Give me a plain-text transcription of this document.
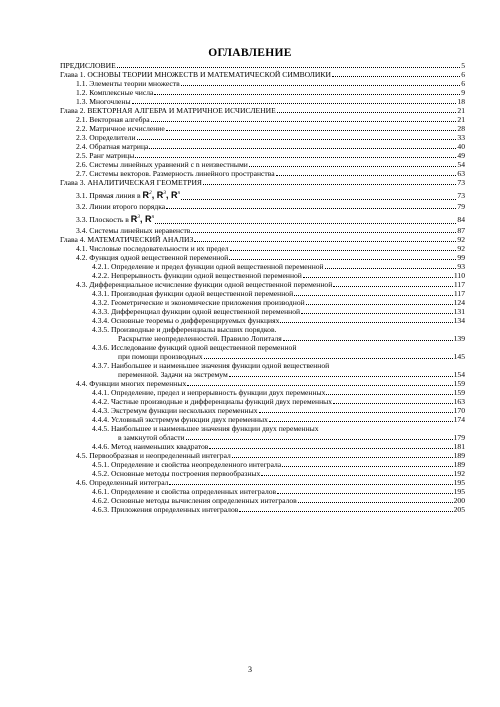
ОГЛАВЛЕНИЕ
ПРЕДИСЛОВИЕ	5
Глава 1. ОСНОВЫ ТЕОРИИ МНОЖЕСТВ И МАТЕМАТИЧЕСКОЙ СИМВОЛИКИ	6
1.1. Элементы теории множеств	6
1.2. Комплексные числа	9
1.3. Многочлены	18
Глава 2. ВЕКТОРНАЯ АЛГЕБРА И МАТРИЧНОЕ ИСЧИСЛЕНИЕ	21
2.1. Векторная алгебра	21
2.2. Матричное исчисление	28
2.3. Определители	33
2.4. Обратная матрица	40
2.5. Ранг матрицы	49
2.6. Системы линейных уравнений с n неизвестными	54
2.7. Системы векторов. Размерность линейного пространства	63
Глава 3. АНАЛИТИЧЕСКАЯ ГЕОМЕТРИЯ	73
3.1. Прямая линия в $R^2$, $R^3$, $R^n$	73
3.2. Линии второго порядка	79
3.3. Плоскость в $R^3$, $R^n$	84
3.4. Системы линейных неравенств	87
Глава 4. МАТЕМАТИЧЕСКИЙ АНАЛИЗ	92
4.1. Числовые последовательности и их предел	92
4.2. Функция одной вещественной переменной	99
4.2.1. Определение и предел функции одной вещественной переменной	93
4.2.2. Непрерывность функции одной вещественной переменной	110
4.3. Дифференциальное исчисление функции одной вещественной переменной	117
4.3.1. Производная функции одной вещественной переменной	117
4.3.2. Геометрические и экономические приложения производной	124
4.3.3. Дифференциал функции одной вещественной переменной	131
4.3.4. Основные теоремы о дифференцируемых функциях	134
4.3.5. Производные и дифференциалы высших порядков.
Раскрытие неопределенностей. Правило Лопиталя	139
4.3.6. Исследование функций одной вещественной переменной
при помощи производных	145
4.3.7. Наибольшее и наименьшее значения функции одной вещественной
переменной. Задачи на экстремум	154
4.4. Функции многих переменных	159
4.4.1. Определение, предел и непрерывность функции двух переменных	159
4.4.2. Частные производные и дифференциалы функций двух переменных	163
4.4.3. Экстремум функции нескольких переменных	170
4.4.4. Условный экстремум функции двух переменных	174
4.4.5. Наибольшее и наименьшее значения функции двух переменных
в замкнутой области	179
4.4.6. Метод наименьших квадратов	181
4.5. Первообразная и неопределенный интеграл	189
4.5.1. Определение и свойства неопределенного интеграла	189
4.5.2. Основные методы построения первообразных	192
4.6. Определенный интеграл	195
4.6.1. Определение и свойства определенных интегралов	195
4.6.2. Основные методы вычисления определенных интегралов	200
4.6.3. Приложения определенных интегралов	205
3
